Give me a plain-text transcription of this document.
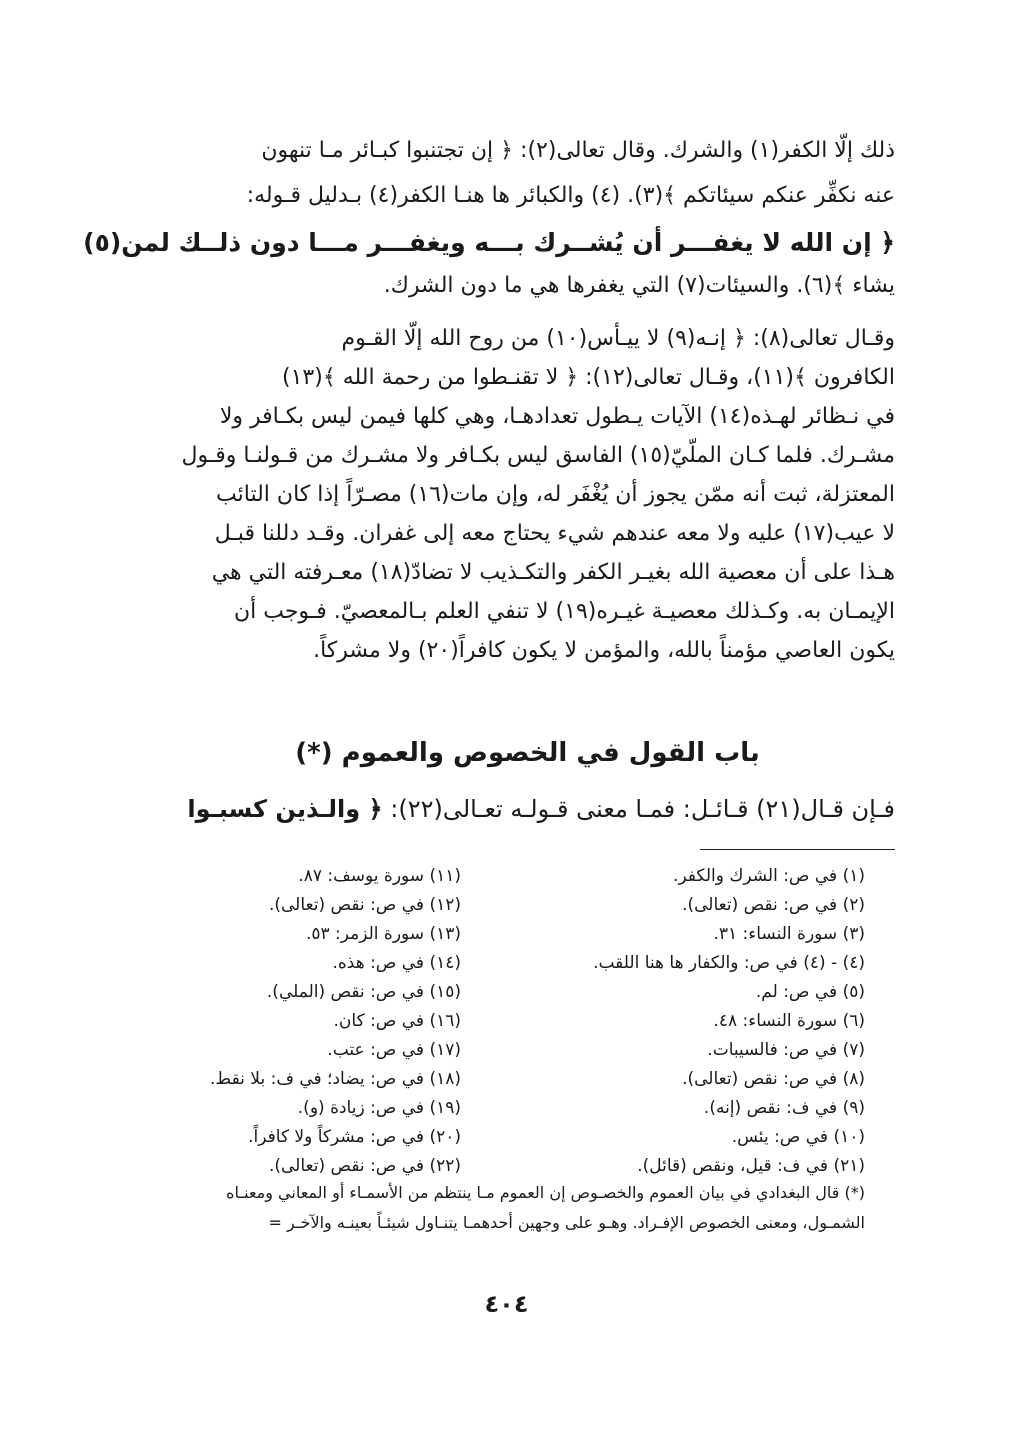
ذلك إلّا الكفر(١) والشرك. وقال تعالى(٢): ﴿ إن تجتنبوا كبـائر مـا تنهون
عنه نكفِّر عنكم سيئاتكم ﴾(٣). (٤) والكبائر ها هنـا الكفر(٤) بـدليل قـوله:
﴿ إن الله لا يغفـــر أن يُشــرك بـــه ويغفـــر مـــا دون ذلــك لمن(٥)
يشاء ﴾(٦). والسيئات(٧) التي يغفرها هي ما دون الشرك.
وقـال تعالى(٨): ﴿ إنـه(٩) لا ييـأس(١٠) من روح الله إلّا القـوم
الكافرون ﴾(١١)، وقـال تعالى(١٢): ﴿ لا تقنـطوا من رحمة الله ﴾(١٣)
في نـظائر لهـذه(١٤) الآيات يـطول تعدادهـا، وهي كلها فيمن ليس بكـافر ولا
مشـرك. فلما كـان الملّيّ(١٥) الفاسق ليس بكـافر ولا مشـرك من قـولنـا وقـول
المعتزلة، ثبت أنه ممّن يجوز أن يُغْفَر له، وإن مات(١٦) مصـرّاً إذا كان التائب
لا عيب(١٧) عليه ولا معه عندهم شيء يحتاج معه إلى غفران. وقـد دللنا قبـل
هـذا على أن معصية الله بغيـر الكفر والتكـذيب لا تضادّ(١٨) معـرفته التي هي
الإيمـان به. وكـذلك معصيـة غيـره(١٩) لا تنفي العلم بـالمعصيّ. فـوجب أن
يكون العاصي مؤمناً بالله، والمؤمن لا يكون كافراً(٢٠) ولا مشركاً.
باب القول في الخصوص والعموم (*)
فـإن قـال(٢١) قـائـل: فمـا معنى قـولـه تعـالى(٢٢): ﴿ والـذين كسبـوا
(١) في ص: الشرك والكفر.
(٢) في ص: نقص (تعالى).
(٣) سورة النساء: ٣١.
(٤) - (٤) في ص: والكفار ها هنا اللقب.
(٥) في ص: لم.
(٦) سورة النساء: ٤٨.
(٧) في ص: فالسيبات.
(٨) في ص: نقص (تعالى).
(٩) في ف: نقص (إنه).
(١٠) في ص: يئس.
(٢١) في ف: قيل، ونقص (قائل).
(١١) سورة يوسف: ٨٧.
(١٢) في ص: نقص (تعالى).
(١٣) سورة الزمر: ٥٣.
(١٤) في ص: هذه.
(١٥) في ص: نقص (الملي).
(١٦) في ص: كان.
(١٧) في ص: عتب.
(١٨) في ص: يضاد؛ في ف: بلا نقط.
(١٩) في ص: زيادة (و).
(٢٠) في ص: مشركاً ولا كافراً.
(٢٢) في ص: نقص (تعالى).
(*) قال البغدادي في بيان العموم والخصـوص إن العموم مـا ينتظم من الأسمـاء أو المعاني ومعنـاه
الشمـول، ومعنى الخصوص الإفـراد. وهـو على وجهين أحدهمـا يتنـاول شيئـاً بعينـه والآخـر =
٤٠٤
